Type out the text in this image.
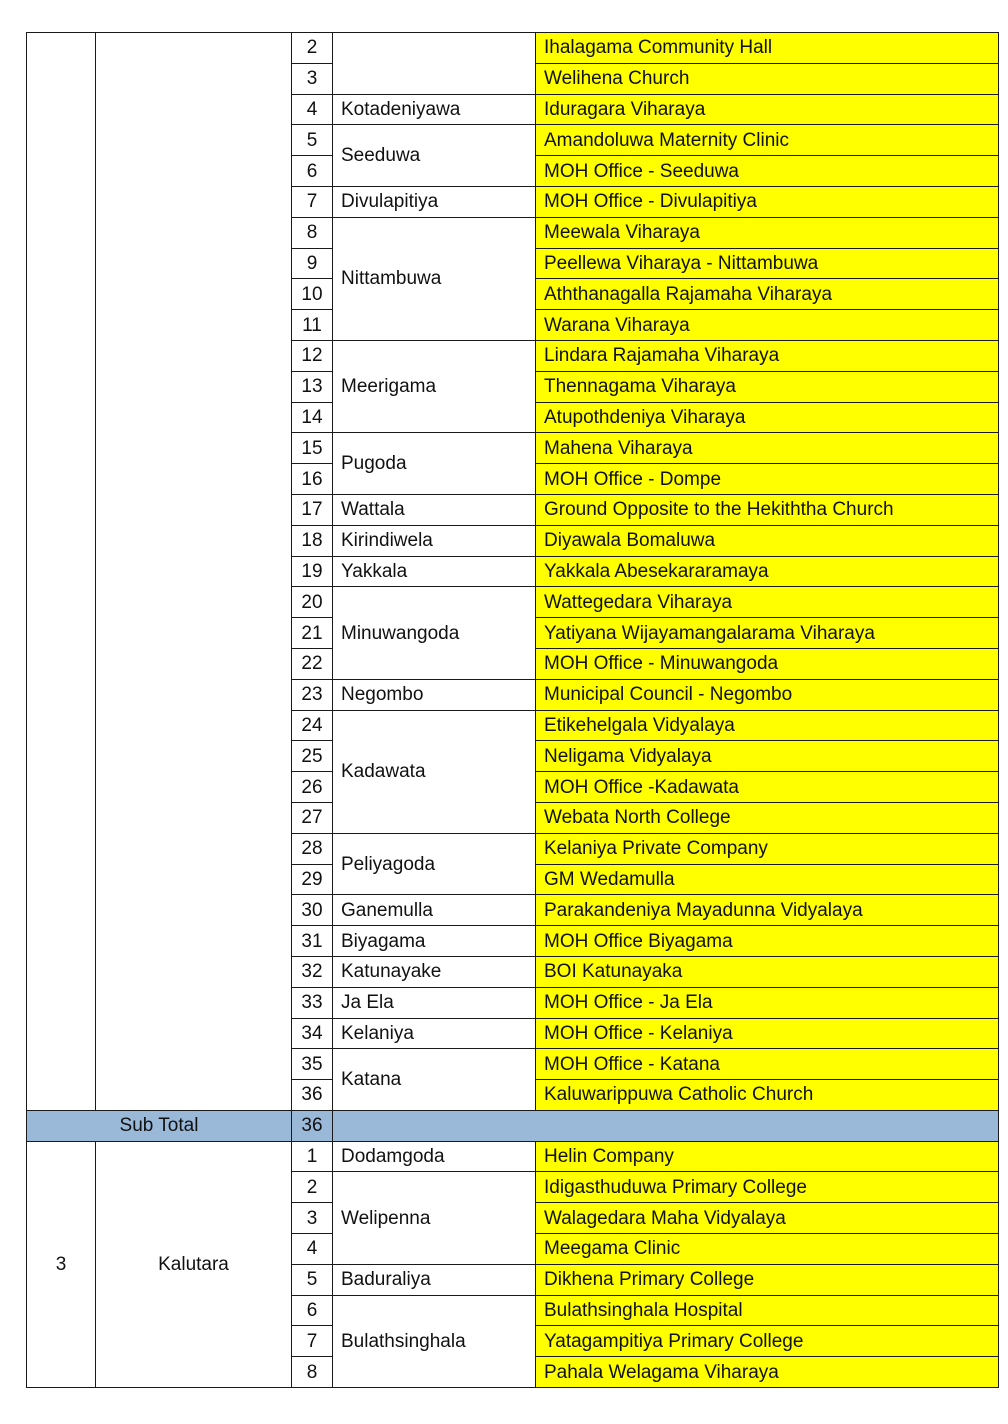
		2		Ihalagama Community Hall
		3		Welihena Church
		4	Kotadeniyawa	Iduragara Viharaya
		5	Seeduwa	Amandoluwa Maternity Clinic
		6		MOH Office - Seeduwa
		7	Divulapitiya	MOH Office - Divulapitiya
		8	Nittambuwa	Meewala Viharaya
		9		Peellewa Viharaya - Nittambuwa
		10		Aththanagalla Rajamaha Viharaya
		11		Warana Viharaya
		12	Meerigama	Lindara Rajamaha Viharaya
		13		Thennagama Viharaya
		14		Atupothdeniya Viharaya
		15	Pugoda	Mahena Viharaya
		16		MOH Office - Dompe
		17	Wattala	Ground Opposite to the Hekiththa Church
		18	Kirindiwela	Diyawala Bomaluwa
		19	Yakkala	Yakkala Abesekararamaya
		20	Minuwangoda	Wattegedara Viharaya
		21		Yatiyana Wijayamangalarama Viharaya
		22		MOH Office - Minuwangoda
		23	Negombo	Municipal Council - Negombo
		24	Kadawata	Etikehelgala Vidyalaya
		25		Neligama Vidyalaya
		26		MOH Office -Kadawata
		27		Webata North College
		28	Peliyagoda	Kelaniya Private Company
		29		GM Wedamulla
		30	Ganemulla	Parakandeniya Mayadunna Vidyalaya
		31	Biyagama	MOH Office Biyagama
		32	Katunayake	BOI Katunayaka
		33	Ja Ela	MOH Office - Ja Ela
		34	Kelaniya	MOH Office - Kelaniya
		35	Katana	MOH Office - Katana
		36		Kaluwarippuwa Catholic Church
Sub Total		36		
3	Kalutara	1	Dodamgoda	Helin Company
		2	Welipenna	Idigasthuduwa Primary College
		3		Walagedara Maha Vidyalaya
		4		Meegama Clinic
		5	Baduraliya	Dikhena Primary College
		6	Bulathsinghala	Bulathsinghala Hospital
		7		Yatagampitiya Primary College
		8		Pahala Welagama Viharaya
